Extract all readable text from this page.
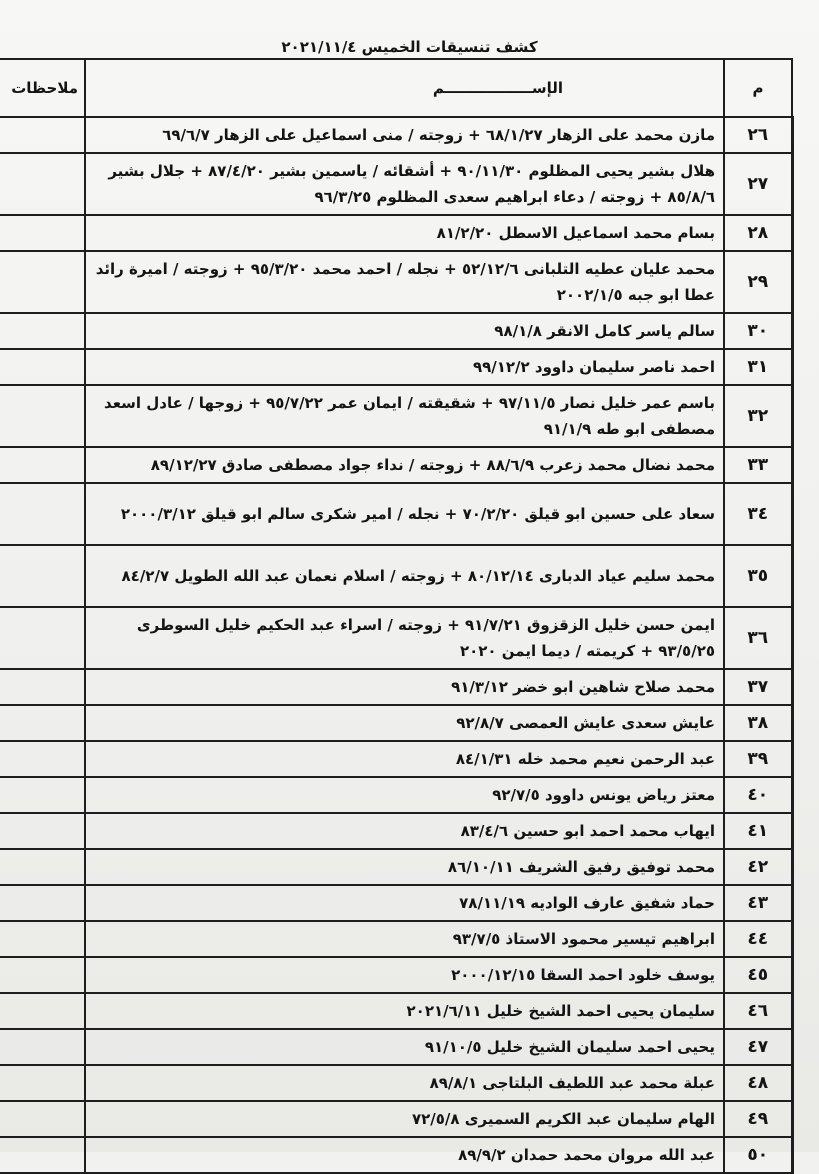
كشف تنسيقات الخميس ٢٠٢١/١١/٤
م	الإســـــــــــــــــم	ملاحظات
٢٦	مازن محمد على الزهار ٦٨/١/٢٧ + زوجته / منى اسماعيل على الزهار ٦٩/٦/٧	
٢٧	هلال بشير يحيى المظلوم ٩٠/١١/٣٠ + أشقائه / ياسمين بشير ٨٧/٤/٢٠ + جلال بشير ٨٥/٨/٦ + زوجته / دعاء ابراهيم سعدى المظلوم ٩٦/٣/٢٥	
٢٨	بسام محمد اسماعيل الاسطل ٨١/٢/٢٠	
٢٩	محمد عليان عطيه التلبانى ٥٢/١٢/٦ + نجله / احمد محمد ٩٥/٣/٢٠ + زوجته / اميرة رائد عطا ابو جبه ٢٠٠٢/١/٥	
٣٠	سالم ياسر كامل الانقر ٩٨/١/٨	
٣١	احمد ناصر سليمان داوود ٩٩/١٢/٢	
٣٢	باسم عمر خليل نصار ٩٧/١١/٥ + شقيقته / ايمان عمر ٩٥/٧/٢٢ + زوجها / عادل اسعد مصطفى ابو طه ٩١/١/٩	
٣٣	محمد نضال محمد زعرب ٨٨/٦/٩ + زوجته / نداء جواد مصطفى صادق ٨٩/١٢/٢٧	
٣٤	سعاد على حسين ابو قيلق ٧٠/٢/٢٠ + نجله / امير شكرى سالم ابو قيلق ٢٠٠٠/٣/١٢	
٣٥	محمد سليم عياد الدبارى ٨٠/١٢/١٤ + زوجته / اسلام نعمان عبد الله الطويل ٨٤/٢/٧	
٣٦	ايمن حسن خليل الزقزوق ٩١/٧/٢١ + زوجته / اسراء عبد الحكيم خليل السوطرى ٩٣/٥/٢٥ + كريمته / ديما ايمن ٢٠٢٠	
٣٧	محمد صلاح شاهين ابو خضر ٩١/٣/١٢	
٣٨	عايش سعدى عايش العمصى ٩٢/٨/٧	
٣٩	عبد الرحمن نعيم محمد خله ٨٤/١/٣١	
٤٠	معتز رياض يونس داوود ٩٢/٧/٥	
٤١	ايهاب محمد احمد ابو حسين ٨٣/٤/٦	
٤٢	محمد توفيق رفيق الشريف ٨٦/١٠/١١	
٤٣	حماد شفيق عارف الواديه ٧٨/١١/١٩	
٤٤	ابراهيم تيسير محمود الاستاذ ٩٣/٧/٥	
٤٥	يوسف خلود احمد السقا ٢٠٠٠/١٢/١٥	
٤٦	سليمان يحيى احمد الشيخ خليل ٢٠٢١/٦/١١	
٤٧	يحيى احمد سليمان الشيخ خليل ٩١/١٠/٥	
٤٨	عبلة محمد عبد اللطيف البلتاجى ٨٩/٨/١	
٤٩	الهام سليمان عبد الكريم السميرى ٧٢/٥/٨	
٥٠	عبد الله مروان محمد حمدان ٨٩/٩/٢	
